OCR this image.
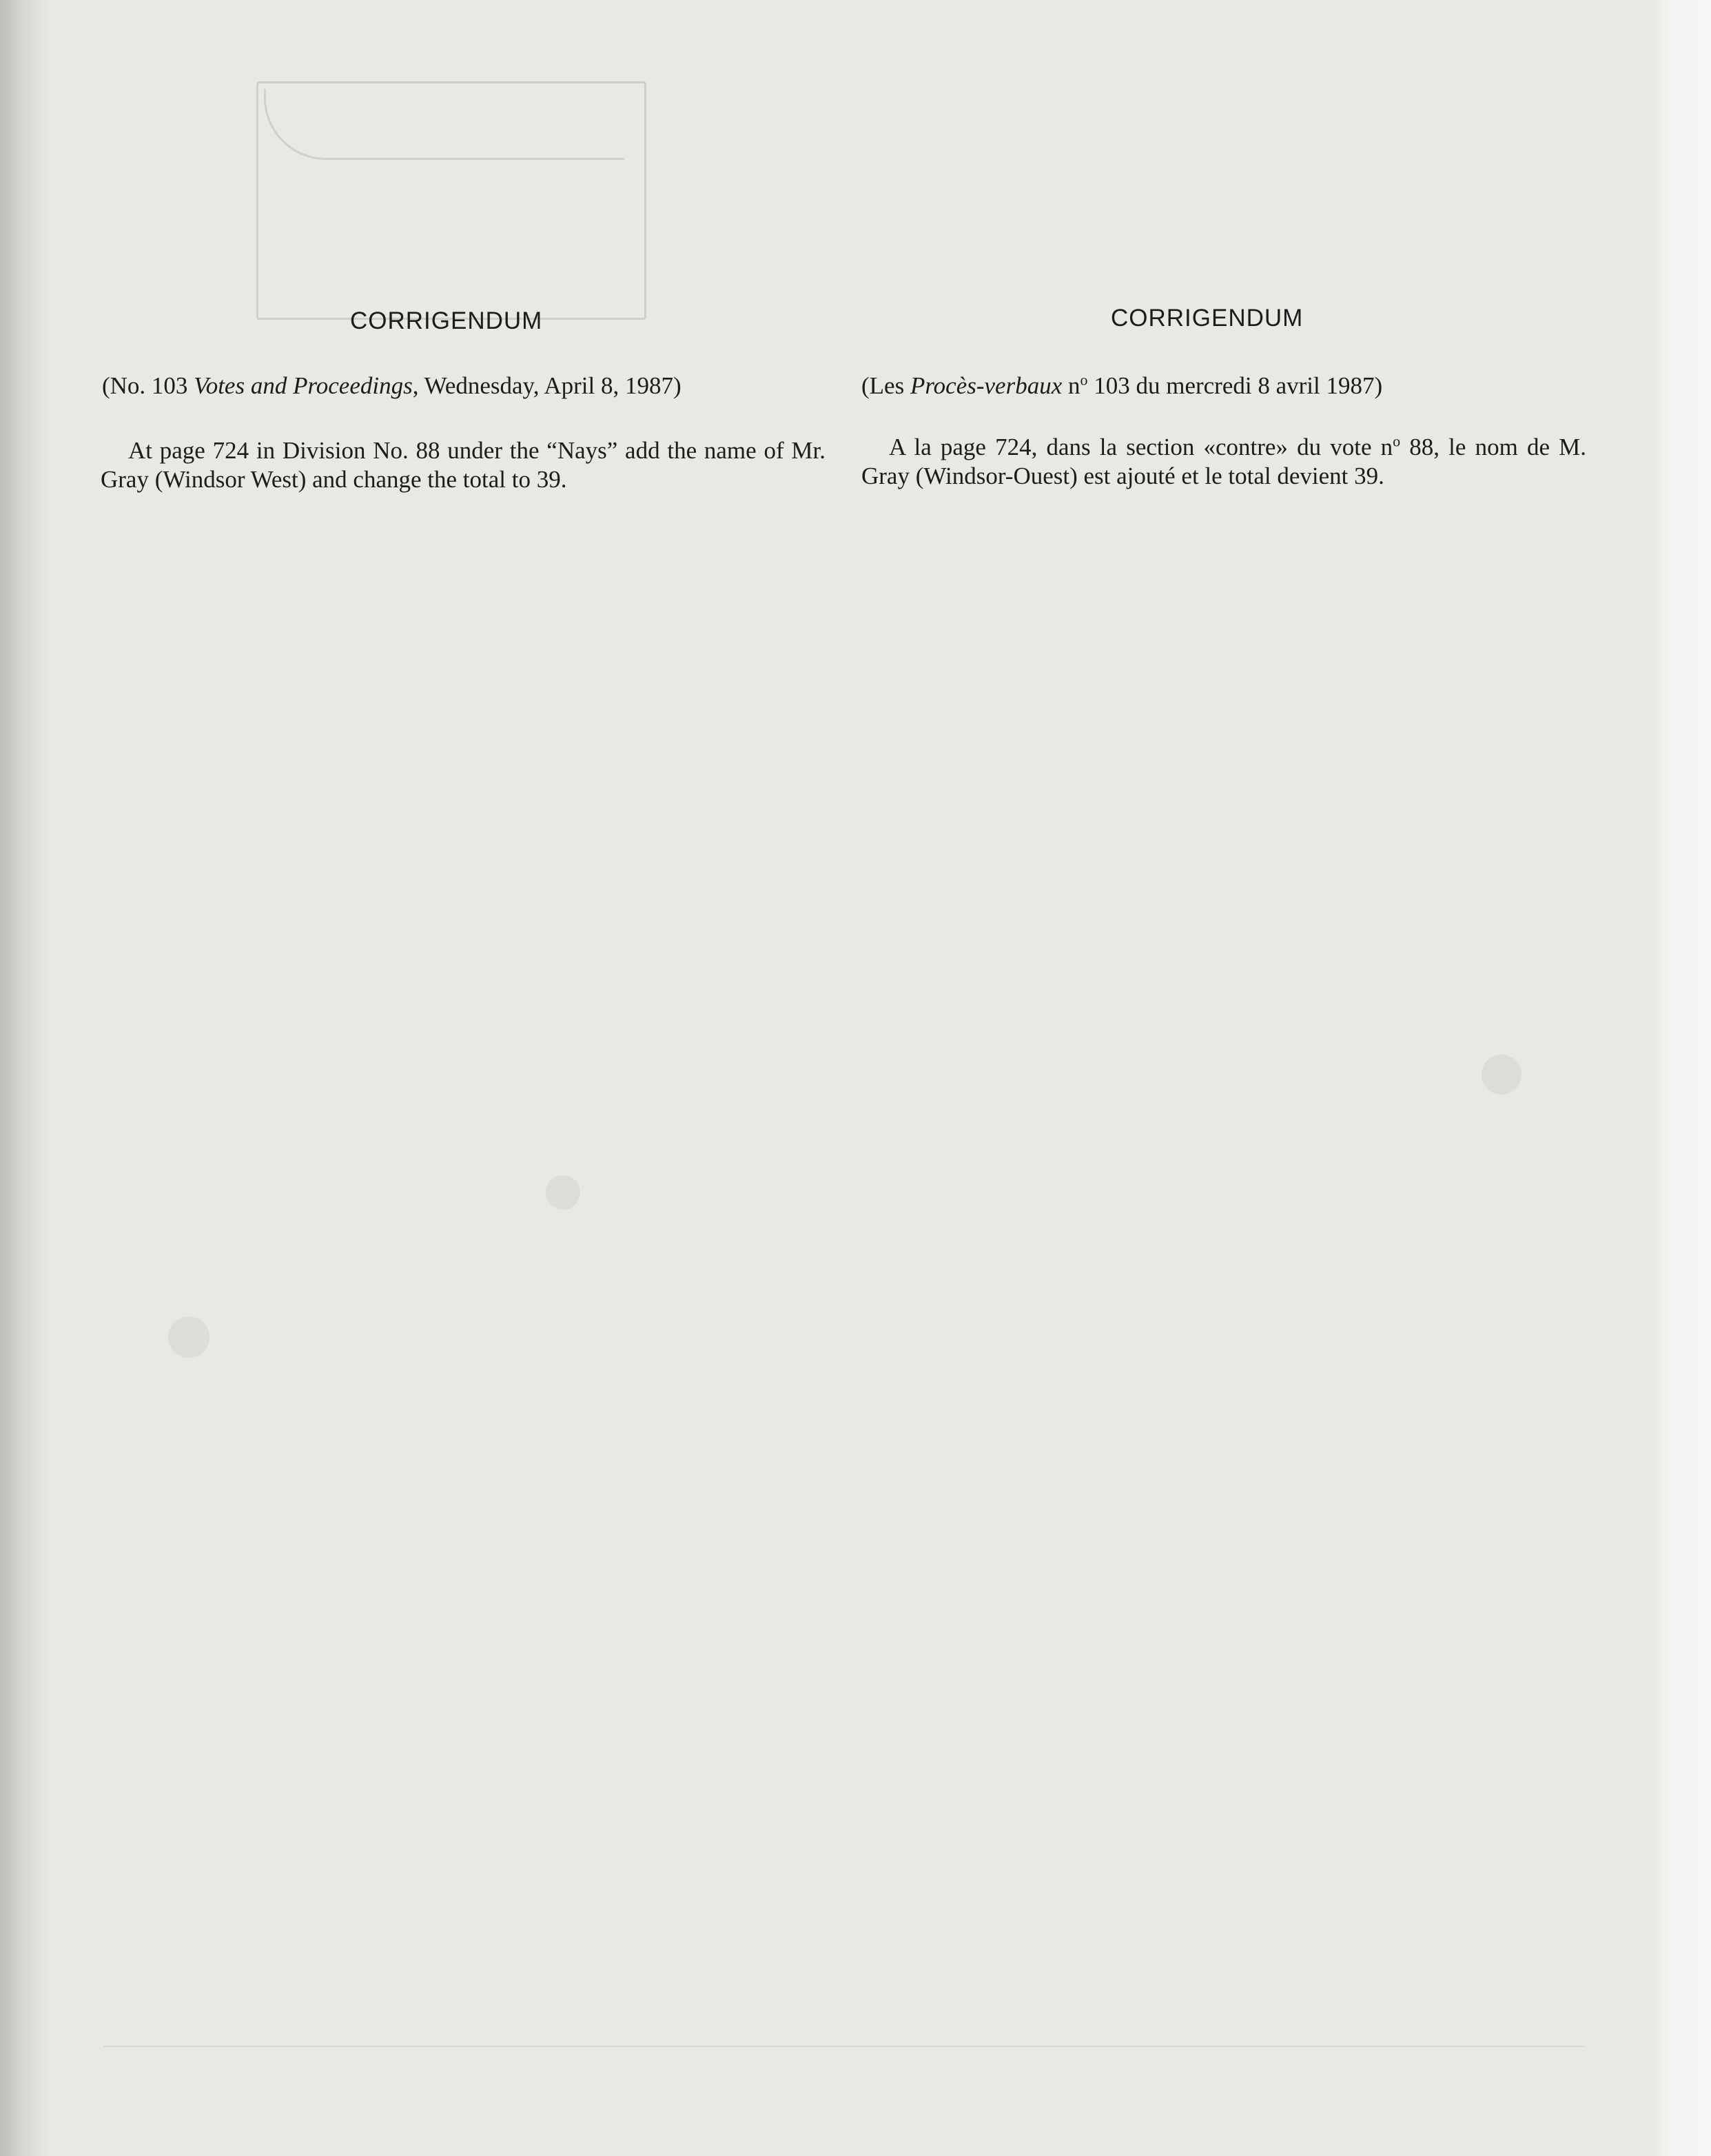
CORRIGENDUM
(No. 103 Votes and Proceedings, Wednesday, April 8, 1987)
At page 724 in Division No. 88 under the “Nays” add the name of Mr. Gray (Windsor West) and change the total to 39.
CORRIGENDUM
(Les Procès-verbaux $n^o$ 103 du mercredi 8 avril 1987)
A la page 724, dans la section «contre» du vote $n^o$ 88, le nom de M. Gray (Windsor-Ouest) est ajouté et le total devient 39.
